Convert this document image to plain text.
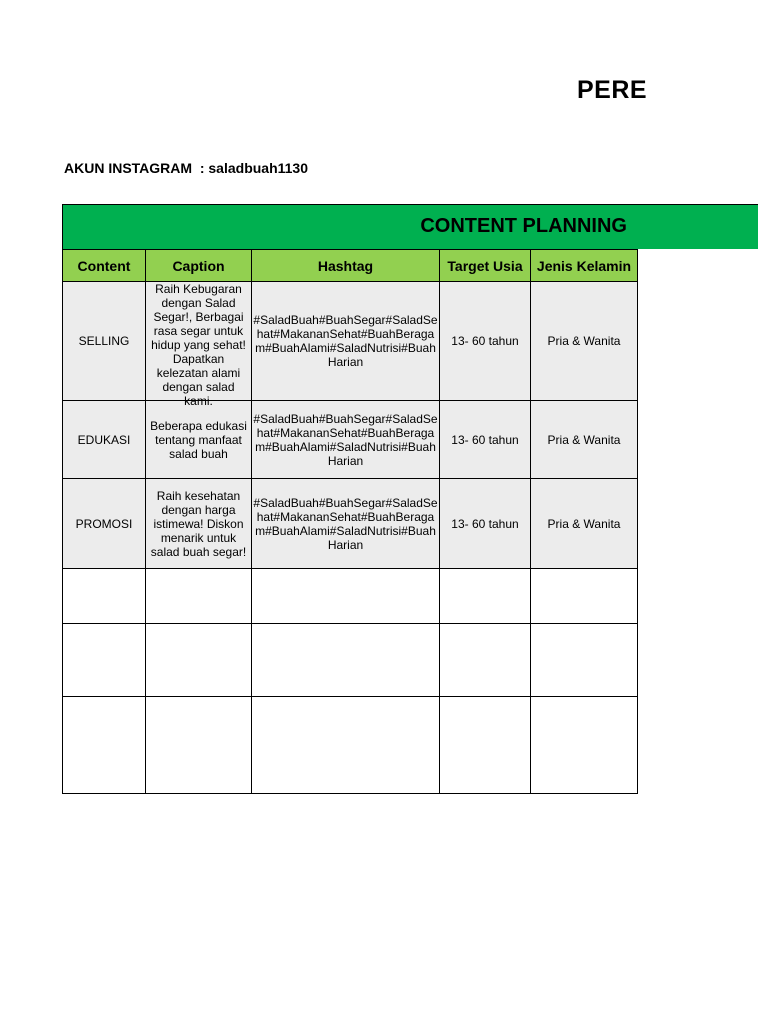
PERE
AKUN INSTAGRAM  : saladbuah1130
CONTENT PLANNING
Content	Caption	Hashtag	Target Usia	Jenis Kelamin
SELLING	Raih Kebugaran dengan Salad Segar!, Berbagai rasa segar untuk hidup yang sehat! Dapatkan kelezatan alami dengan salad kami.	#SaladBuah#BuahSegar#SaladSehat#MakananSehat#BuahBeragam#BuahAlami#SaladNutrisi#BuahHarian	13- 60 tahun	Pria & Wanita
EDUKASI	Beberapa edukasi tentang manfaat salad buah	#SaladBuah#BuahSegar#SaladSehat#MakananSehat#BuahBeragam#BuahAlami#SaladNutrisi#BuahHarian	13- 60 tahun	Pria & Wanita
PROMOSI	Raih kesehatan dengan harga istimewa! Diskon menarik untuk salad buah segar!	#SaladBuah#BuahSegar#SaladSehat#MakananSehat#BuahBeragam#BuahAlami#SaladNutrisi#BuahHarian	13- 60 tahun	Pria & Wanita
